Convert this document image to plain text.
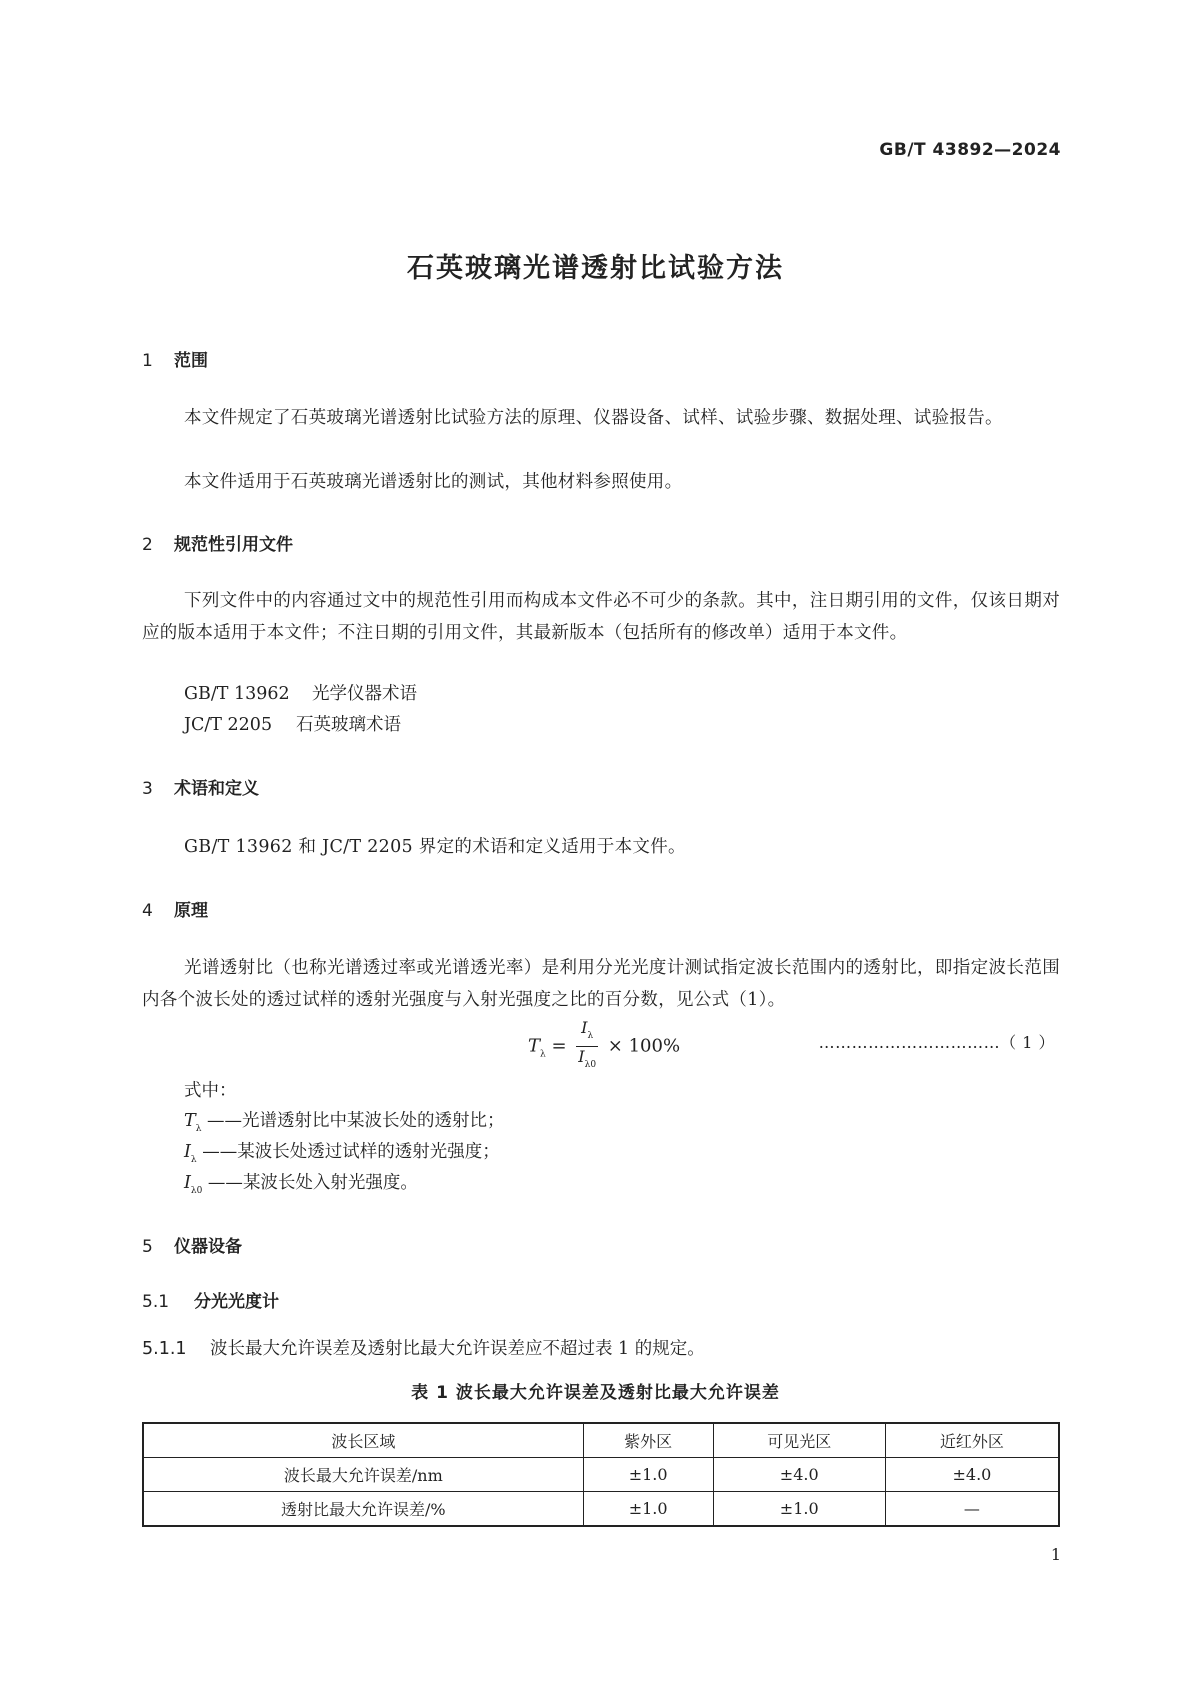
GB/T 43892—2024
石英玻璃光谱透射比试验方法
1 范围
本文件规定了石英玻璃光谱透射比试验方法的原理、仪器设备、试样、试验步骤、数据处理、试验报告。
本文件适用于石英玻璃光谱透射比的测试，其他材料参照使用。
2 规范性引用文件
下列文件中的内容通过文中的规范性引用而构成本文件必不可少的条款。其中，注日期引用的文件，仅该日期对应的版本适用于本文件；不注日期的引用文件，其最新版本（包括所有的修改单）适用于本文件。
GB/T 13962 光学仪器术语
JC/T 2205 石英玻璃术语
3 术语和定义
GB/T 13962 和 JC/T 2205 界定的术语和定义适用于本文件。
4 原理
光谱透射比（也称光谱透过率或光谱透光率）是利用分光光度计测试指定波长范围内的透射比，即指定波长范围内各个波长处的透过试样的透射光强度与入射光强度之比的百分数，见公式（1）。
$T_\lambda = \frac{I_\lambda}{I_{\lambda 0}} \times 100\%$	……………………………（ 1 ）
式中：
$T_\lambda$ ——光谱透射比中某波长处的透射比；
$I_\lambda$ ——某波长处透过试样的透射光强度；
$I_{\lambda 0}$ ——某波长处入射光强度。
5 仪器设备
5.1 分光光度计
5.1.1 波长最大允许误差及透射比最大允许误差应不超过表 1 的规定。
表 1 波长最大允许误差及透射比最大允许误差
波长区域	紫外区	可见光区	近红外区
波长最大允许误差/nm	±1.0	±4.0	±4.0
透射比最大允许误差/%	±1.0	±1.0	—
1
